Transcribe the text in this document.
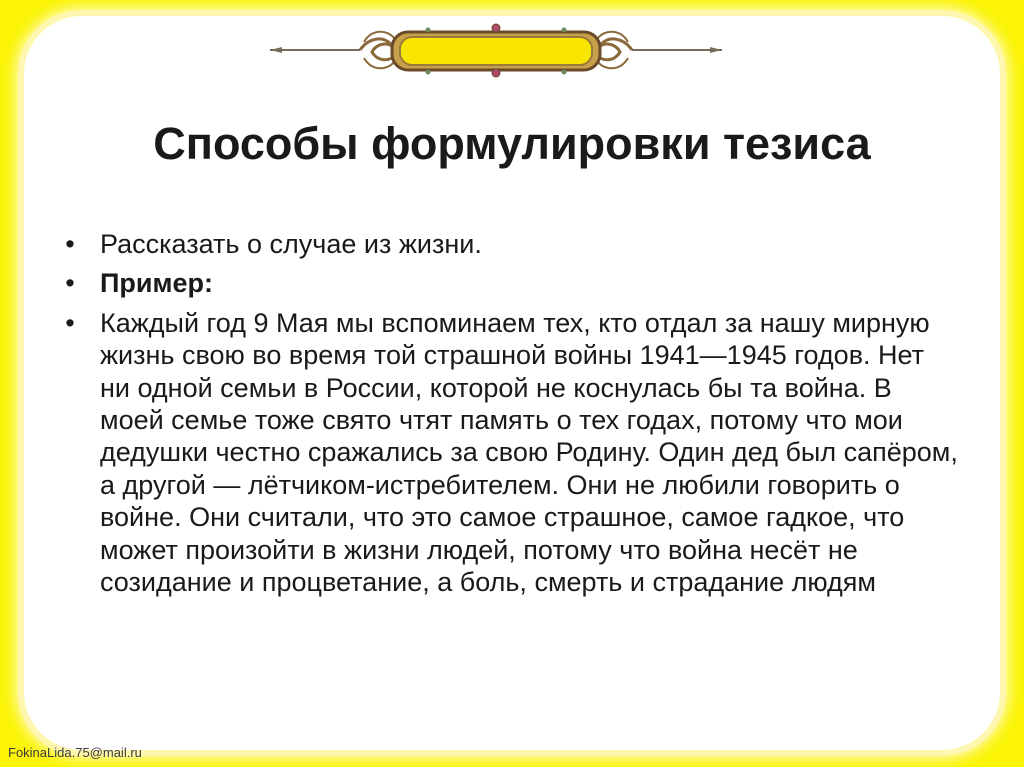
Способы формулировки тезиса
• Рассказать о случае из жизни.
• Пример:
• Каждый год 9 Мая мы вспоминаем тех, кто отдал за нашу мирную жизнь свою во время той страшной войны 1941—1945 годов. Нет ни одной семьи в России, которой не коснулась бы та война. В моей семье тоже свято чтят память о тех годах, потому что мои дедушки честно сражались за свою Родину. Один дед был сапёром, а другой — лётчиком-истребителем. Они не любили говорить о войне. Они считали, что это самое страшное, самое гадкое, что может произойти в жизни людей, потому что война несёт не созидание и процветание, а боль, смерть и страдание людям
FokinaLida.75@mail.ru
